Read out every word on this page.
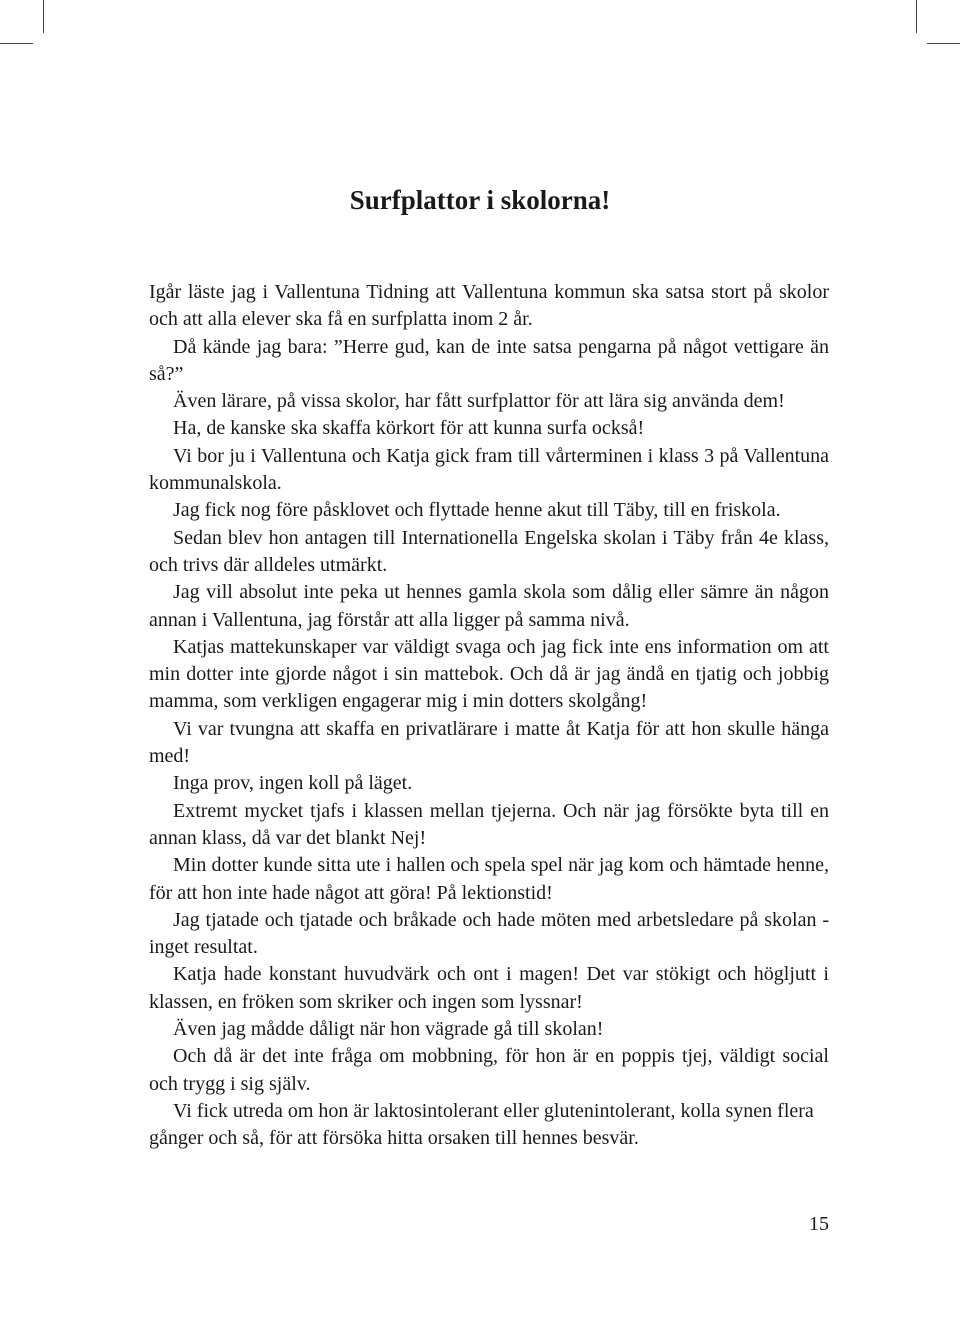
Surfplattor i skolorna!

Igår läste jag i Vallentuna Tidning att Vallentuna kommun ska satsa stort på skolor och att alla elever ska få en surfplatta inom 2 år.

Då kände jag bara: ”Herre gud, kan de inte satsa pengarna på något vettigare än så?”

Även lärare, på vissa skolor, har fått surfplattor för att lära sig använda dem!

Ha, de kanske ska skaffa körkort för att kunna surfa också!

Vi bor ju i Vallentuna och Katja gick fram till vårterminen i klass 3 på Vallentuna kommunalskola.

Jag fick nog före påsklovet och flyttade henne akut till Täby, till en friskola.

Sedan blev hon antagen till Internationella Engelska skolan i Täby från 4e klass, och trivs där alldeles utmärkt.

Jag vill absolut inte peka ut hennes gamla skola som dålig eller sämre än någon annan i Vallentuna, jag förstår att alla ligger på samma nivå.

Katjas mattekunskaper var väldigt svaga och jag fick inte ens information om att min dotter inte gjorde något i sin mattebok. Och då är jag ändå en tjatig och jobbig mamma, som verkligen engagerar mig i min dotters skolgång!

Vi var tvungna att skaffa en privatlärare i matte åt Katja för att hon skulle hänga med!

Inga prov, ingen koll på läget.

Extremt mycket tjafs i klassen mellan tjejerna. Och när jag försökte byta till en annan klass, då var det blankt Nej!

Min dotter kunde sitta ute i hallen och spela spel när jag kom och hämtade henne, för att hon inte hade något att göra! På lektionstid!

Jag tjatade och tjatade och bråkade och hade möten med arbetsledare på skolan - inget resultat.

Katja hade konstant huvudvärk och ont i magen! Det var stökigt och högljutt i klassen, en fröken som skriker och ingen som lyssnar!

Även jag mådde dåligt när hon vägrade gå till skolan!

Och då är det inte fråga om mobbning, för hon är en poppis tjej, väldigt social och trygg i sig själv.

Vi fick utreda om hon är laktosintolerant eller glutenintolerant, kolla synen flera gånger och så, för att försöka hitta orsaken till hennes besvär.

15
